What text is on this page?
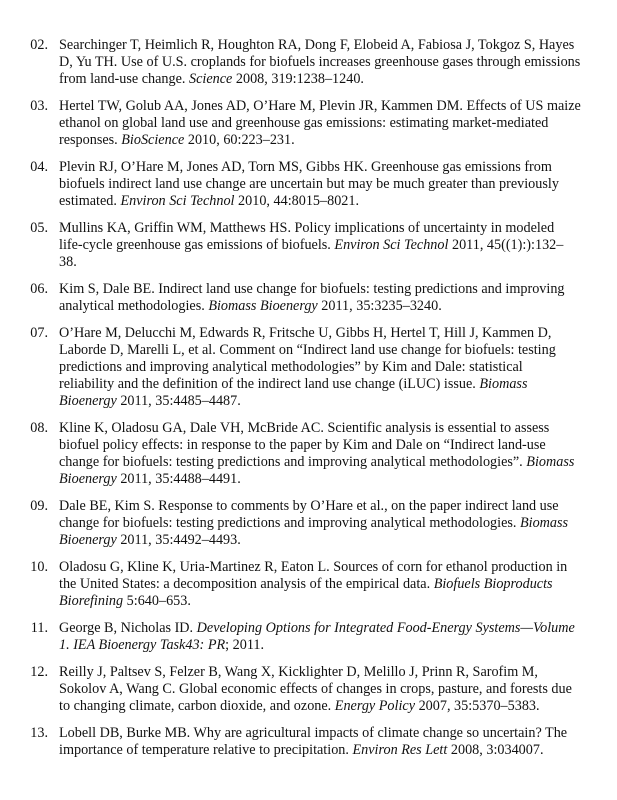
02. Searchinger T, Heimlich R, Houghton RA, Dong F, Elobeid A, Fabiosa J, Tokgoz S, Hayes D, Yu TH. Use of U.S. croplands for biofuels increases greenhouse gases through emissions from land-use change. Science 2008, 319:1238–1240.
03. Hertel TW, Golub AA, Jones AD, O’Hare M, Plevin JR, Kammen DM. Effects of US maize ethanol on global land use and greenhouse gas emissions: estimating market-mediated responses. BioScience 2010, 60:223–231.
04. Plevin RJ, O’Hare M, Jones AD, Torn MS, Gibbs HK. Greenhouse gas emissions from biofuels indirect land use change are uncertain but may be much greater than previously estimated. Environ Sci Technol 2010, 44:8015–8021.
05. Mullins KA, Griffin WM, Matthews HS. Policy implications of uncertainty in modeled life-cycle greenhouse gas emissions of biofuels. Environ Sci Technol 2011, 45((1):):132–38.
06. Kim S, Dale BE. Indirect land use change for biofuels: testing predictions and improving analytical methodologies. Biomass Bioenergy 2011, 35:3235–3240.
07. O’Hare M, Delucchi M, Edwards R, Fritsche U, Gibbs H, Hertel T, Hill J, Kammen D, Laborde D, Marelli L, et al. Comment on “Indirect land use change for biofuels: testing predictions and improving analytical methodologies” by Kim and Dale: statistical reliability and the definition of the indirect land use change (iLUC) issue. Biomass Bioenergy 2011, 35:4485–4487.
08. Kline K, Oladosu GA, Dale VH, McBride AC. Scientific analysis is essential to assess biofuel policy effects: in response to the paper by Kim and Dale on “Indirect land-use change for biofuels: testing predictions and improving analytical methodologies”. Biomass Bioenergy 2011, 35:4488–4491.
09. Dale BE, Kim S. Response to comments by O’Hare et al., on the paper indirect land use change for biofuels: testing predictions and improving analytical methodologies. Biomass Bioenergy 2011, 35:4492–4493.
10. Oladosu G, Kline K, Uria-Martinez R, Eaton L. Sources of corn for ethanol production in the United States: a decomposition analysis of the empirical data. Biofuels Bioproducts Biorefining 5:640–653.
11. George B, Nicholas ID. Developing Options for Integrated Food-Energy Systems—Volume 1. IEA Bioenergy Task43: PR; 2011.
12. Reilly J, Paltsev S, Felzer B, Wang X, Kicklighter D, Melillo J, Prinn R, Sarofim M, Sokolov A, Wang C. Global economic effects of changes in crops, pasture, and forests due to changing climate, carbon dioxide, and ozone. Energy Policy 2007, 35:5370–5383.
13. Lobell DB, Burke MB. Why are agricultural impacts of climate change so uncertain? The importance of temperature relative to precipitation. Environ Res Lett 2008, 3:034007.
